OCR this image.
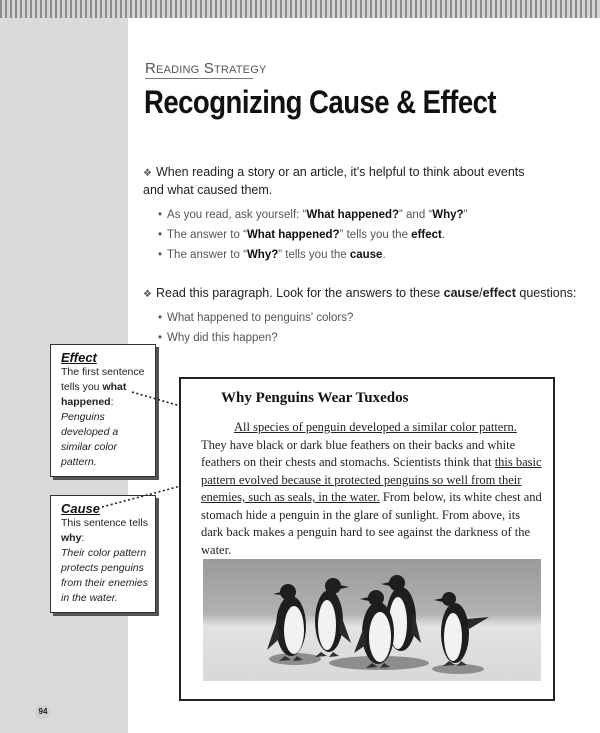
Reading Strategy
Recognizing Cause & Effect
❖ When reading a story or an article, it's helpful to think about events and what caused them.
• As you read, ask yourself: “What happened?” and “Why?”
• The answer to “What happened?” tells you the effect.
• The answer to “Why?” tells you the cause.
❖ Read this paragraph. Look for the answers to these cause/effect questions:
• What happened to penguins' colors?
• Why did this happen?
Effect
The first sentence tells you what happened:
Penguins developed a similar color pattern.
Cause
This sentence tells why:
Their color pattern protects penguins from their enemies in the water.
Why Penguins Wear Tuxedos
All species of penguin developed a similar color pattern. They have black or dark blue feathers on their backs and white feathers on their chests and stomachs. Scientists think that this basic pattern evolved because it protected penguins so well from their enemies, such as seals, in the water. From below, its white chest and stomach hide a penguin in the glare of sunlight. From above, its dark back makes a penguin hard to see against the darkness of the water.
94
